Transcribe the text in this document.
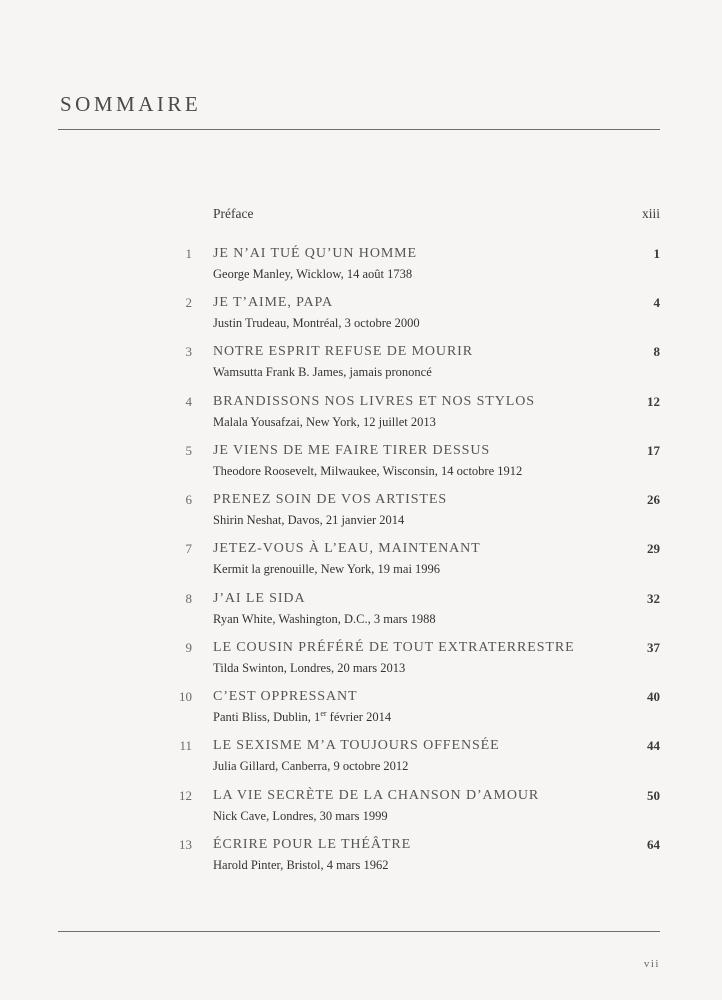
SOMMAIRE
Préface	xiii
1 JE N’AI TUÉ QU’UN HOMME
George Manley, Wicklow, 14 août 1738
1
2 JE T’AIME, PAPA
Justin Trudeau, Montréal, 3 octobre 2000
4
3 NOTRE ESPRIT REFUSE DE MOURIR
Wamsutta Frank B. James, jamais prononcé
8
4 BRANDISSONS NOS LIVRES ET NOS STYLOS
Malala Yousafzai, New York, 12 juillet 2013
12
5 JE VIENS DE ME FAIRE TIRER DESSUS
Theodore Roosevelt, Milwaukee, Wisconsin, 14 octobre 1912
17
6 PRENEZ SOIN DE VOS ARTISTES
Shirin Neshat, Davos, 21 janvier 2014
26
7 JETEZ-VOUS À L’EAU, MAINTENANT
Kermit la grenouille, New York, 19 mai 1996
29
8 J’AI LE SIDA
Ryan White, Washington, D.C., 3 mars 1988
32
9 LE COUSIN PRÉFÉRÉ DE TOUT EXTRATERRESTRE
Tilda Swinton, Londres, 20 mars 2013
37
10 C’EST OPPRESSANT
Panti Bliss, Dublin, 1er février 2014
40
11 LE SEXISME M’A TOUJOURS OFFENSÉE
Julia Gillard, Canberra, 9 octobre 2012
44
12 LA VIE SECRÈTE DE LA CHANSON D’AMOUR
Nick Cave, Londres, 30 mars 1999
50
13 ÉCRIRE POUR LE THÉÂTRE
Harold Pinter, Bristol, 4 mars 1962
64
vii
